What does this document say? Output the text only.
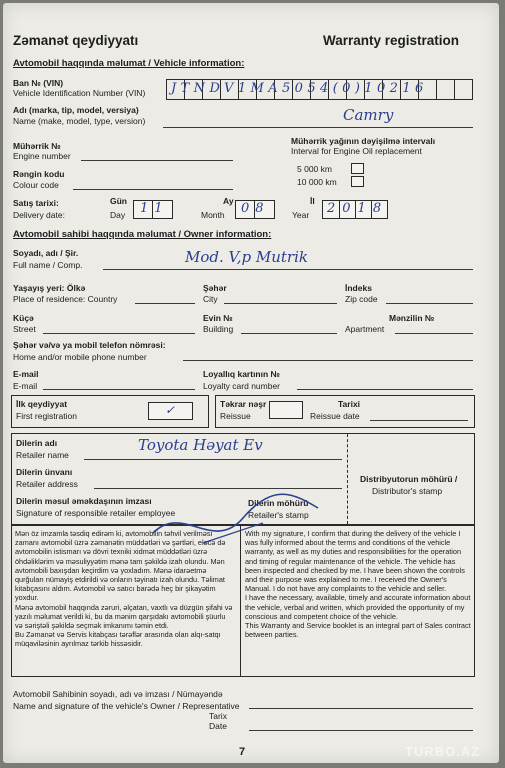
Zəmanət qeydiyyatı	Warranty registration
Avtomobil haqqında məlumat / Vehicle information:
Ban № (VIN)
Vehicle Identification Number (VIN) JTNDV1MA5054(0)10216
Adı (marka, tip, model, versiya)
Name (make, model, type, version)	Camry
Mühərrik №
Engine number
Mühərrik yağının dəyişilmə intervalı
Interval for Engine Oil replacement
5 000 km
10 000 km
Rəngin kodu
Colour code
Satış tarixi:
Delivery date:
Gün
Day 11	Ay
Month 08	İl
Year 2018
Avtomobil sahibi haqqında məlumat / Owner information:
Soyadı, adı / Şir.
Full name / Comp.	Mod. V,p Mutrik
Yaşayış yeri: Ölkə
Place of residence: Country
Şəhər
City
İndeks
Zip code
Küçə
Street
Evin №
Building
Mənzilin №
Apartment
Şəhər və/və ya mobil telefon nömrəsi:
Home and/or mobile phone number
E-mail
E-mail
Loyallıq kartının №
Loyalty card number
İlk qeydiyyat
First registration	✓	Təkrar nəşr
Reissue
Tarixi
Reissue date
Dilerin adı
Retailer name
Toyota Həyat Ev
Dilerin ünvanı
Retailer address
Dilerin məsul əməkdaşının imzası
Signature of responsible retailer employee
Dilerin möhürü
Retailer's stamp
Distribyutorun möhürü /
Distributor's stamp
Mən öz imzamla təsdiq edirəm ki, avtomobilin təhvil verilməsi zamanı avtomobil üzrə zəmanətin müddətləri və şərtləri, eləcə də avtomobilin istismarı və dövri texniki xidmət müddətləri üzrə öhdəliklərim və məsuliyyətim mənə tam şəkildə izah olundu. Mən avtomobili baxışdan keçirdim və yoxladım. Mənə idarəetmə qurğuları nümayiş etdirildi və onların təyinatı izah olundu. Təlimat kitabçasını aldım. Avtomobil və satıcı barədə heç bir şikayətim yoxdur.
Mənə avtomobil haqqında zəruri, əlçatan, vaxtlı və düzgün şifahi və yazılı məlumat verildi ki, bu da mənim qarşıdakı avtomobili şüurlu və səriştəli şəkildə seçmək imkanımı təmin etdi.
Bu Zəmanət və Servis kitabçası tərəflər arasında olan alqı-satqı müqaviləsinin ayrılmaz tərkib hissəsidir.
With my signature, I confirm that during the delivery of the vehicle I was fully informed about the terms and conditions of the vehicle warranty, as well as my duties and responsibilities for the operation and timing of regular maintenance of the vehicle. The vehicle has been inspected and checked by me. I have been shown the controls and their purpose was explained to me. I received the Owner's Manual. I do not have any complaints to the vehicle and seller.
I have the necessary, available, timely and accurate information about the vehicle, verbal and written, which provided the opportunity of my conscious and competent choice of the vehicle.
This Warranty and Service booklet is an integral part of Sales contract between parties.
Avtomobil Sahibinin soyadı, adı və imzası / Nümayəndə
Name and signature of the vehicle's Owner / Representative
Tarix
Date
7	TURBO.AZ
